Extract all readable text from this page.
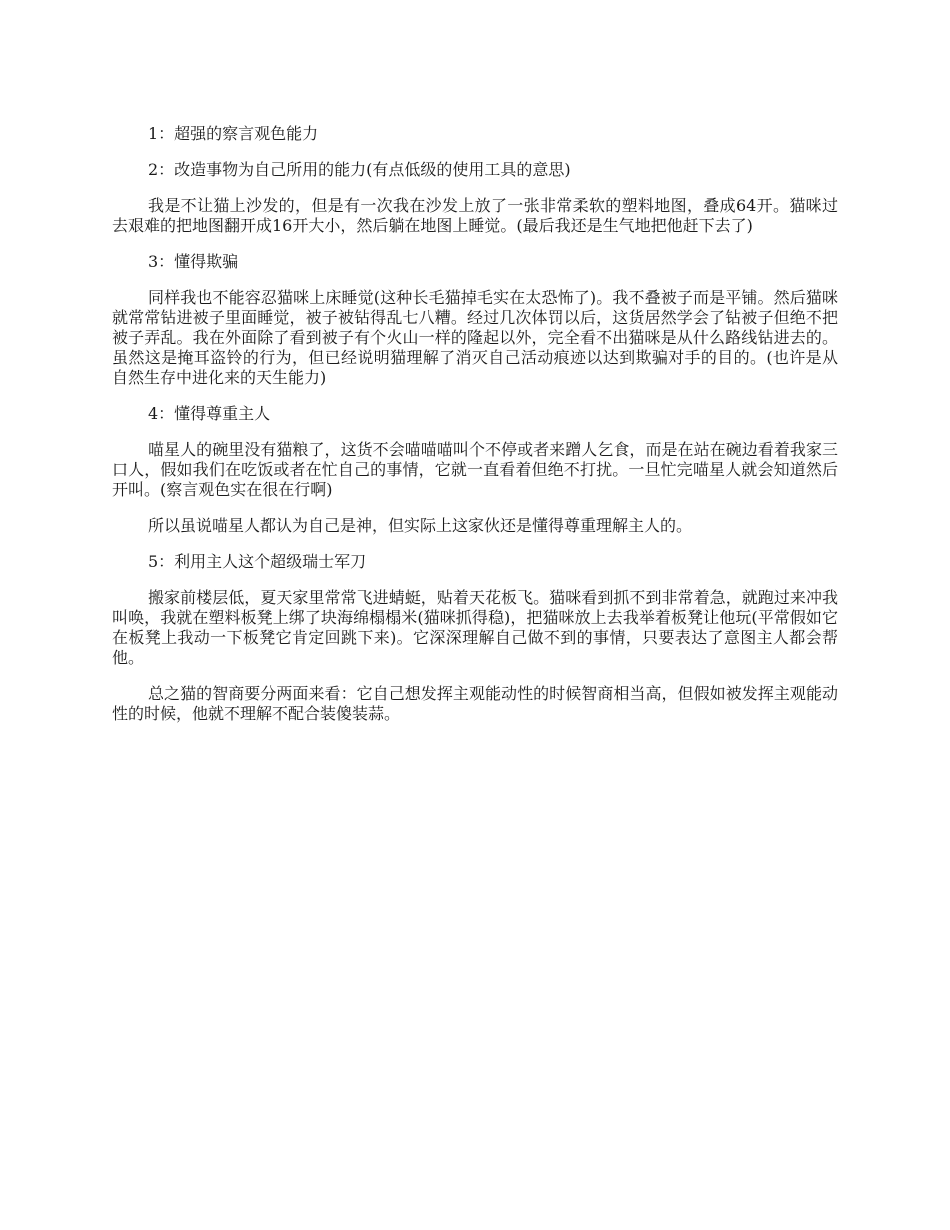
1：超强的察言观色能力

2：改造事物为自己所用的能力(有点低级的使用工具的意思)

我是不让猫上沙发的，但是有一次我在沙发上放了一张非常柔软的塑料地图，叠成64开。猫咪过去艰难的把地图翻开成16开大小，然后躺在地图上睡觉。(最后我还是生气地把他赶下去了)

3：懂得欺骗

同样我也不能容忍猫咪上床睡觉(这种长毛猫掉毛实在太恐怖了)。我不叠被子而是平铺。然后猫咪就常常钻进被子里面睡觉，被子被钻得乱七八糟。经过几次体罚以后，这货居然学会了钻被子但绝不把被子弄乱。我在外面除了看到被子有个火山一样的隆起以外，完全看不出猫咪是从什么路线钻进去的。虽然这是掩耳盗铃的行为，但已经说明猫理解了消灭自己活动痕迹以达到欺骗对手的目的。(也许是从自然生存中进化来的天生能力)

4：懂得尊重主人

喵星人的碗里没有猫粮了，这货不会喵喵喵叫个不停或者来蹭人乞食，而是在站在碗边看着我家三口人，假如我们在吃饭或者在忙自己的事情，它就一直看着但绝不打扰。一旦忙完喵星人就会知道然后开叫。(察言观色实在很在行啊)

所以虽说喵星人都认为自己是神，但实际上这家伙还是懂得尊重理解主人的。

5：利用主人这个超级瑞士军刀

搬家前楼层低，夏天家里常常飞进蜻蜓，贴着天花板飞。猫咪看到抓不到非常着急，就跑过来冲我叫唤，我就在塑料板凳上绑了块海绵榻榻米(猫咪抓得稳)，把猫咪放上去我举着板凳让他玩(平常假如它在板凳上我动一下板凳它肯定回跳下来)。它深深理解自己做不到的事情，只要表达了意图主人都会帮他。

总之猫的智商要分两面来看：它自己想发挥主观能动性的时候智商相当高，但假如被发挥主观能动性的时候，他就不理解不配合装傻装蒜。
